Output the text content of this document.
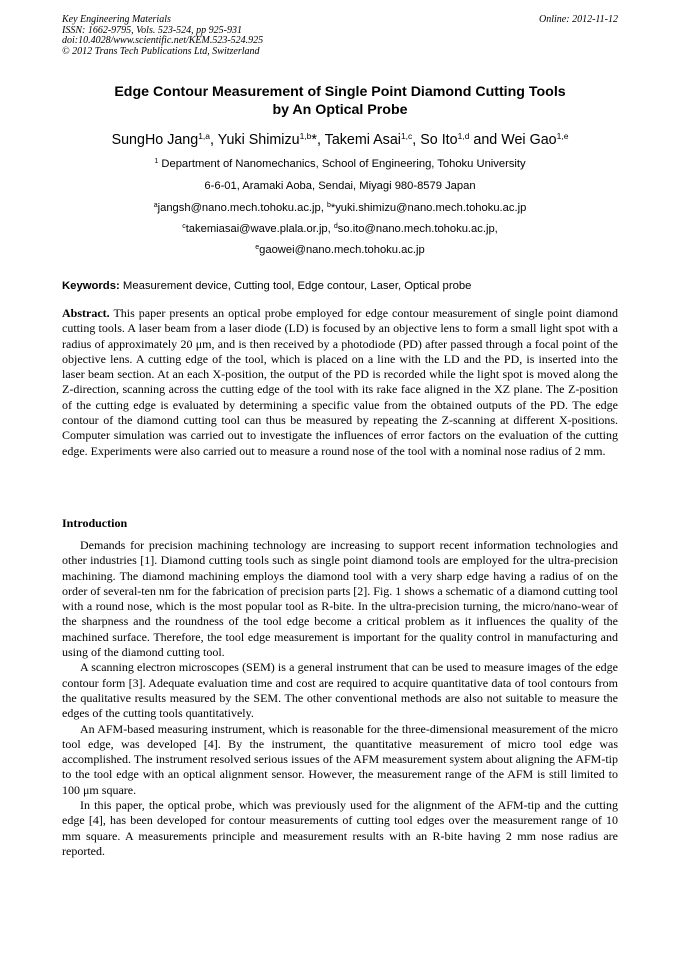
Key Engineering Materials
ISSN: 1662-9795, Vols. 523-524, pp 925-931
doi:10.4028/www.scientific.net/KEM.523-524.925
© 2012 Trans Tech Publications Ltd, Switzerland
Online: 2012-11-12
Edge Contour Measurement of Single Point Diamond Cutting Tools
by An Optical Probe
SungHo Jang$^{1,a}$, Yuki Shimizu$^{1,b}$*, Takemi Asai$^{1,c}$, So Ito$^{1,d}$ and Wei Gao$^{1,e}$
$^1$ Department of Nanomechanics, School of Engineering, Tohoku University
6-6-01, Aramaki Aoba, Sendai, Miyagi 980-8579 Japan
$^a$jangsh@nano.mech.tohoku.ac.jp, $^b$*yuki.shimizu@nano.mech.tohoku.ac.jp
$^c$takemiasai@wave.plala.or.jp, $^d$so.ito@nano.mech.tohoku.ac.jp,
$^e$gaowei@nano.mech.tohoku.ac.jp
Keywords: Measurement device, Cutting tool, Edge contour, Laser, Optical probe

Abstract. This paper presents an optical probe employed for edge contour measurement of single point diamond cutting tools. A laser beam from a laser diode (LD) is focused by an objective lens to form a small light spot with a radius of approximately 20 μm, and is then received by a photodiode (PD) after passed through a focal point of the objective lens. A cutting edge of the tool, which is placed on a line with the LD and the PD, is inserted into the laser beam section. At an each X-position, the output of the PD is recorded while the light spot is moved along the Z-direction, scanning across the cutting edge of the tool with its rake face aligned in the XZ plane. The Z-position of the cutting edge is evaluated by determining a specific value from the obtained outputs of the PD. The edge contour of the diamond cutting tool can thus be measured by repeating the Z-scanning at different X-positions. Computer simulation was carried out to investigate the influences of error factors on the evaluation of the cutting edge. Experiments were also carried out to measure a round nose of the tool with a nominal nose radius of 2 mm.

Introduction

Demands for precision machining technology are increasing to support recent information technologies and other industries [1]. Diamond cutting tools such as single point diamond tools are employed for the ultra-precision machining. The diamond machining employs the diamond tool with a very sharp edge having a radius of on the order of several-ten nm for the fabrication of precision parts [2]. Fig. 1 shows a schematic of a diamond cutting tool with a round nose, which is the most popular tool as R-bite. In the ultra-precision turning, the micro/nano-wear of the sharpness and the roundness of the tool edge become a critical problem as it influences the quality of the machined surface. Therefore, the tool edge measurement is important for the quality control in manufacturing and using of the diamond cutting tool.

A scanning electron microscopes (SEM) is a general instrument that can be used to measure images of the edge contour form [3]. Adequate evaluation time and cost are required to acquire quantitative data of tool contours from the qualitative results measured by the SEM. The other conventional methods are also not suitable to measure the edges of the cutting tools quantitatively.

An AFM-based measuring instrument, which is reasonable for the three-dimensional measurement of the micro tool edge, was developed [4]. By the instrument, the quantitative measurement of micro tool edge was accomplished. The instrument resolved serious issues of the AFM measurement system about aligning the AFM-tip to the tool edge with an optical alignment sensor. However, the measurement range of the AFM is still limited to 100 μm square.

In this paper, the optical probe, which was previously used for the alignment of the AFM-tip and the cutting edge [4], has been developed for contour measurements of cutting tool edges over the measurement range of 10 mm square. A measurements principle and measurement results with an R-bite having 2 mm nose radius are reported.
